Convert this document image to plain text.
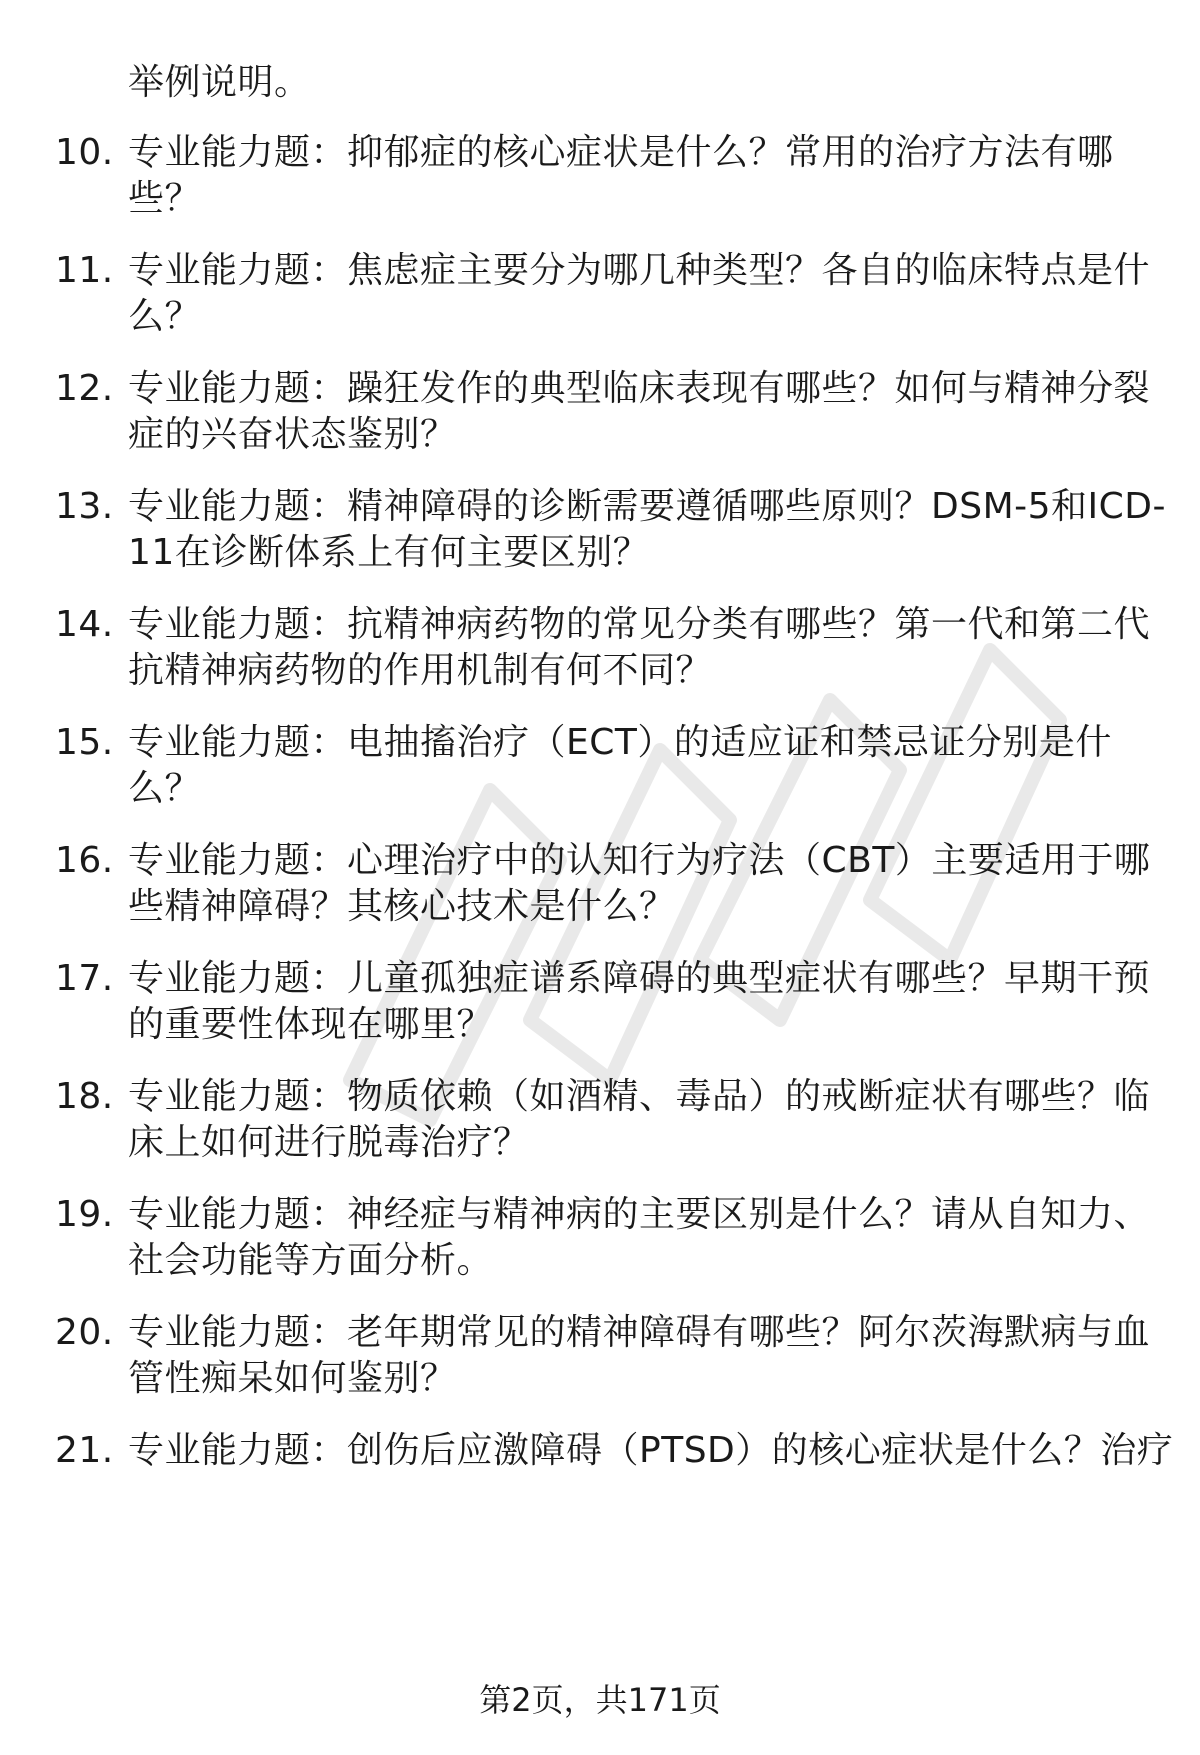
举例说明。
10. 专业能力题：抑郁症的核心症状是什么？常用的治疗方法有哪
些？
11. 专业能力题：焦虑症主要分为哪几种类型？各自的临床特点是什
么？
12. 专业能力题：躁狂发作的典型临床表现有哪些？如何与精神分裂
症的兴奋状态鉴别？
13. 专业能力题：精神障碍的诊断需要遵循哪些原则？DSM-5和ICD-
11在诊断体系上有何主要区别？
14. 专业能力题：抗精神病药物的常见分类有哪些？第一代和第二代
抗精神病药物的作用机制有何不同？
15. 专业能力题：电抽搐治疗（ECT）的适应证和禁忌证分别是什
么？
16. 专业能力题：心理治疗中的认知行为疗法（CBT）主要适用于哪
些精神障碍？其核心技术是什么？
17. 专业能力题：儿童孤独症谱系障碍的典型症状有哪些？早期干预
的重要性体现在哪里？
18. 专业能力题：物质依赖（如酒精、毒品）的戒断症状有哪些？临
床上如何进行脱毒治疗？
19. 专业能力题：神经症与精神病的主要区别是什么？请从自知力、
社会功能等方面分析。
20. 专业能力题：老年期常见的精神障碍有哪些？阿尔茨海默病与血
管性痴呆如何鉴别？
21. 专业能力题：创伤后应激障碍（PTSD）的核心症状是什么？治疗
第2页，共171页
